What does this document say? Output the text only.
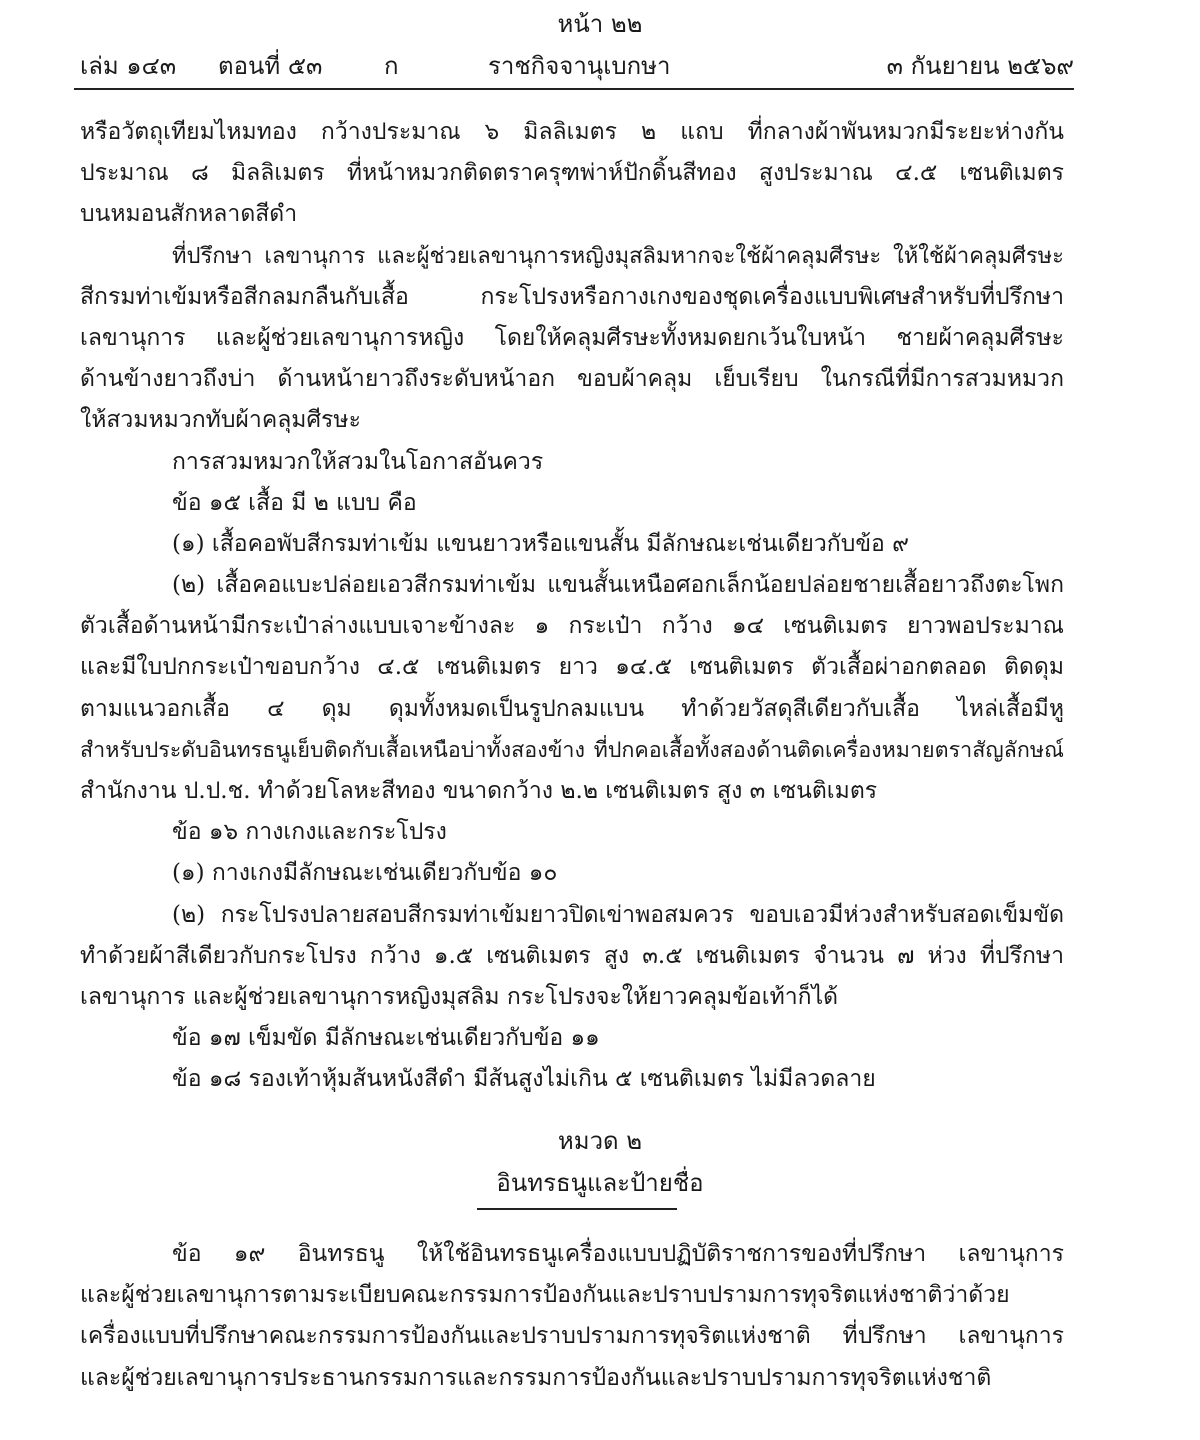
หน้า ๒๒
เล่ม ๑๔๓ ตอนที่ ๕๓	ก	ราชกิจจานุเบกษา	๓ กันยายน ๒๕๖๙
หรือวัตถุเทียมไหมทอง กว้างประมาณ ๖ มิลลิเมตร ๒ แถบ ที่กลางผ้าพันหมวกมีระยะห่างกัน
ประมาณ ๘ มิลลิเมตร ที่หน้าหมวกติดตราครุฑพ่าห์ปักดิ้นสีทอง สูงประมาณ ๔.๕ เซนติเมตร
บนหมอนสักหลาดสีดำ
ที่ปรึกษา เลขานุการ และผู้ช่วยเลขานุการหญิงมุสลิมหากจะใช้ผ้าคลุมศีรษะ ให้ใช้ผ้าคลุมศีรษะ
สีกรมท่าเข้มหรือสีกลมกลืนกับเสื้อ กระโปรงหรือกางเกงของชุดเครื่องแบบพิเศษสำหรับที่ปรึกษา
เลขานุการ และผู้ช่วยเลขานุการหญิง โดยให้คลุมศีรษะทั้งหมดยกเว้นใบหน้า ชายผ้าคลุมศีรษะ
ด้านข้างยาวถึงบ่า ด้านหน้ายาวถึงระดับหน้าอก ขอบผ้าคลุม เย็บเรียบ ในกรณีที่มีการสวมหมวก
ให้สวมหมวกทับผ้าคลุมศีรษะ
การสวมหมวกให้สวมในโอกาสอันควร
ข้อ ๑๕ เสื้อ มี ๒ แบบ คือ
(๑) เสื้อคอพับสีกรมท่าเข้ม แขนยาวหรือแขนสั้น มีลักษณะเช่นเดียวกับข้อ ๙
(๒) เสื้อคอแบะปล่อยเอวสีกรมท่าเข้ม แขนสั้นเหนือศอกเล็กน้อยปล่อยชายเสื้อยาวถึงตะโพก
ตัวเสื้อด้านหน้ามีกระเป๋าล่างแบบเจาะข้างละ ๑ กระเป๋า กว้าง ๑๔ เซนติเมตร ยาวพอประมาณ
และมีใบปกกระเป๋าขอบกว้าง ๔.๕ เซนติเมตร ยาว ๑๔.๕ เซนติเมตร ตัวเสื้อผ่าอกตลอด ติดดุม
ตามแนวอกเสื้อ ๔ ดุม ดุมทั้งหมดเป็นรูปกลมแบน ทำด้วยวัสดุสีเดียวกับเสื้อ ไหล่เสื้อมีหู
สำหรับประดับอินทรธนูเย็บติดกับเสื้อเหนือบ่าทั้งสองข้าง ที่ปกคอเสื้อทั้งสองด้านติดเครื่องหมายตราสัญลักษณ์
สำนักงาน ป.ป.ช. ทำด้วยโลหะสีทอง ขนาดกว้าง ๒.๒ เซนติเมตร สูง ๓ เซนติเมตร
ข้อ ๑๖ กางเกงและกระโปรง
(๑) กางเกงมีลักษณะเช่นเดียวกับข้อ ๑๐
(๒) กระโปรงปลายสอบสีกรมท่าเข้มยาวปิดเข่าพอสมควร ขอบเอวมีห่วงสำหรับสอดเข็มขัด
ทำด้วยผ้าสีเดียวกับกระโปรง กว้าง ๑.๕ เซนติเมตร สูง ๓.๕ เซนติเมตร จำนวน ๗ ห่วง ที่ปรึกษา
เลขานุการ และผู้ช่วยเลขานุการหญิงมุสลิม กระโปรงจะให้ยาวคลุมข้อเท้าก็ได้
ข้อ ๑๗ เข็มขัด มีลักษณะเช่นเดียวกับข้อ ๑๑
ข้อ ๑๘ รองเท้าหุ้มส้นหนังสีดำ มีส้นสูงไม่เกิน ๕ เซนติเมตร ไม่มีลวดลาย
หมวด ๒
อินทรธนูและป้ายชื่อ
ข้อ ๑๙ อินทรธนู ให้ใช้อินทรธนูเครื่องแบบปฏิบัติราชการของที่ปรึกษา เลขานุการ
และผู้ช่วยเลขานุการตามระเบียบคณะกรรมการป้องกันและปราบปรามการทุจริตแห่งชาติว่าด้วย
เครื่องแบบที่ปรึกษาคณะกรรมการป้องกันและปราบปรามการทุจริตแห่งชาติ ที่ปรึกษา เลขานุการ
และผู้ช่วยเลขานุการประธานกรรมการและกรรมการป้องกันและปราบปรามการทุจริตแห่งชาติ
